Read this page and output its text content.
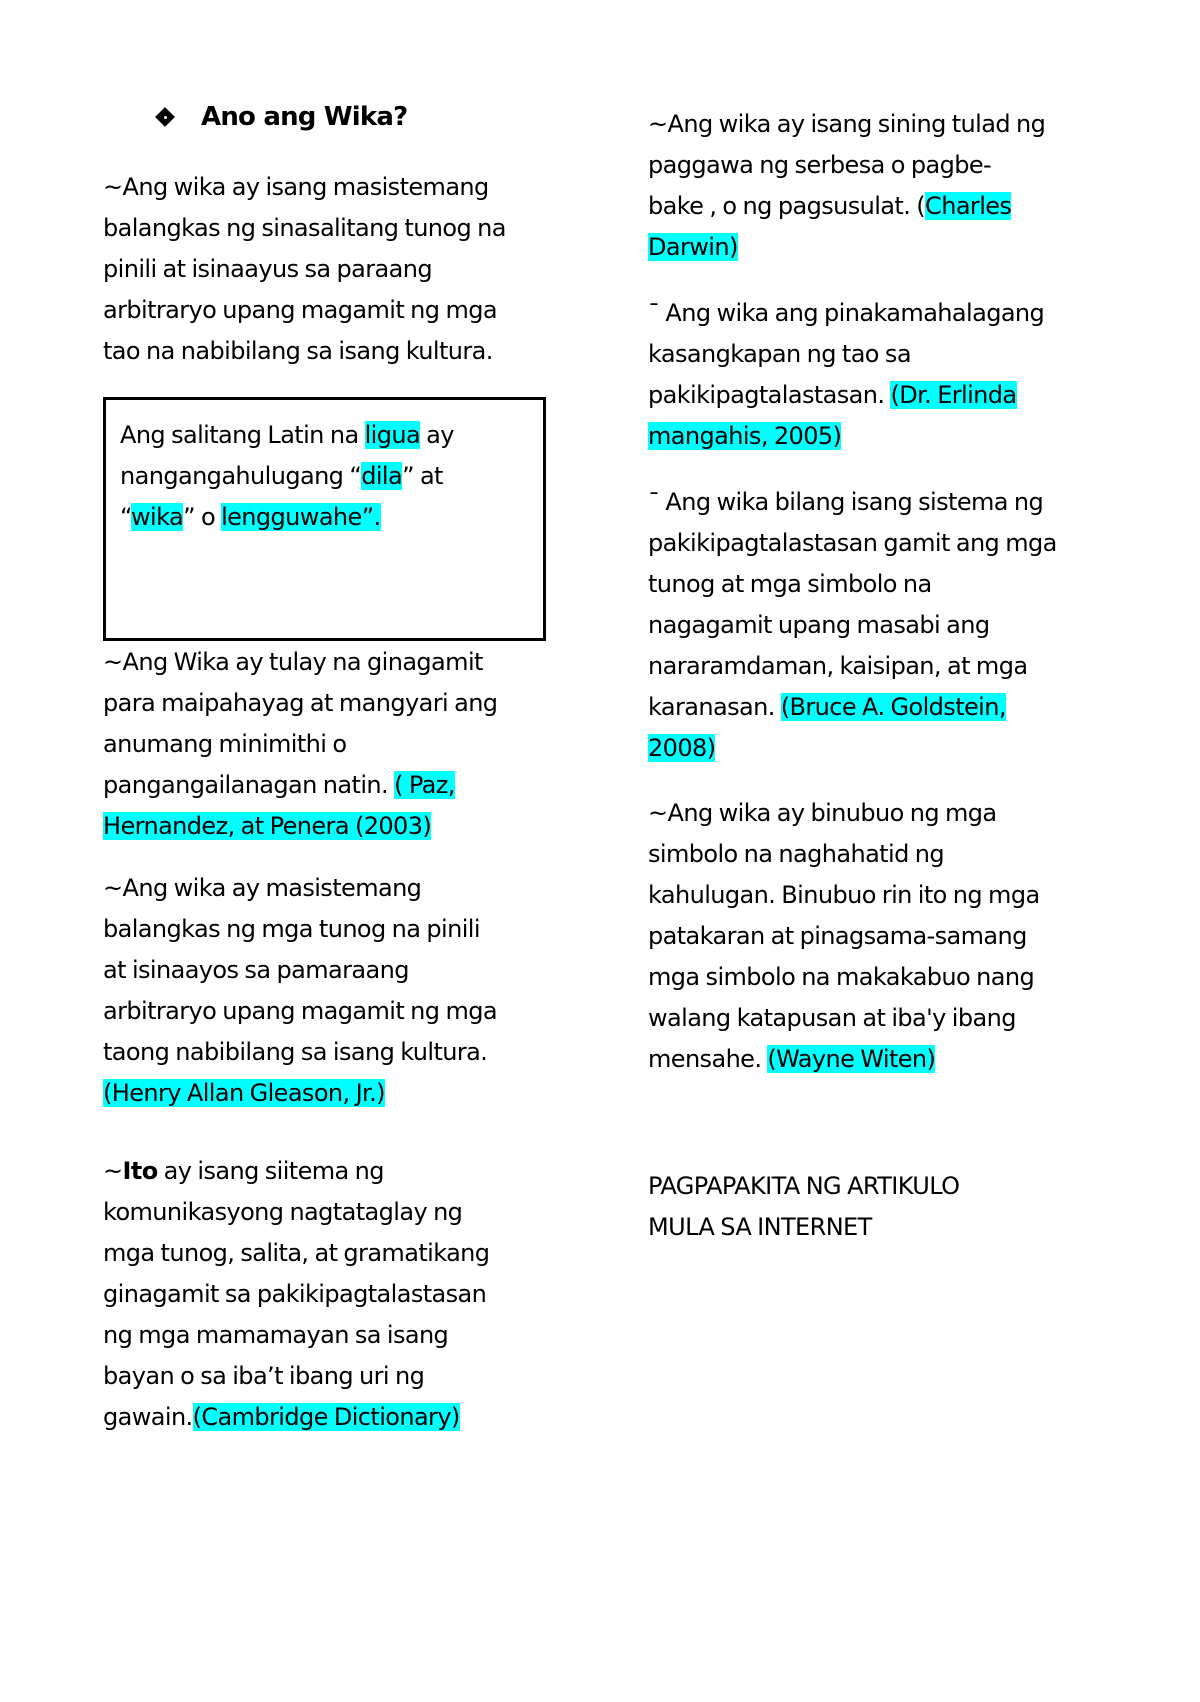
Ano ang Wika?
~Ang wika ay isang masistemang
balangkas ng sinasalitang tunog na
pinili at isinaayus sa paraang
arbitraryo upang magamit ng mga
tao na nabibilang sa isang kultura.
Ang salitang Latin na ligua ay
nangangahulugang “dila” at
“wika” o lengguwahe”.
~Ang Wika ay tulay na ginagamit
para maipahayag at mangyari ang
anumang minimithi o
pangangailanagan natin. ( Paz,
Hernandez, at Penera (2003)
~Ang wika ay masistemang
balangkas ng mga tunog na pinili
at isinaayos sa pamaraang
arbitraryo upang magamit ng mga
taong nabibilang sa isang kultura.
(Henry Allan Gleason, Jr.)
~Ito ay isang siitema ng
komunikasyong nagtataglay ng
mga tunog, salita, at gramatikang
ginagamit sa pakikipagtalastasan
ng mga mamamayan sa isang
bayan o sa iba’t ibang uri ng
gawain.(Cambridge Dictionary)
~Ang wika ay isang sining tulad ng
paggawa ng serbesa o pagbe-
bake , o ng pagsusulat. (Charles
Darwin)
¯ Ang wika ang pinakamahalagang
kasangkapan ng tao sa
pakikipagtalastasan. (Dr. Erlinda
mangahis, 2005)
¯ Ang wika bilang isang sistema ng
pakikipagtalastasan gamit ang mga
tunog at mga simbolo na
nagagamit upang masabi ang
nararamdaman, kaisipan, at mga
karanasan. (Bruce A. Goldstein,
2008)
~Ang wika ay binubuo ng mga
simbolo na naghahatid ng
kahulugan. Binubuo rin ito ng mga
patakaran at pinagsama-samang
mga simbolo na makakabuo nang
walang katapusan at iba'y ibang
mensahe. (Wayne Witen)
PAGPAPAKITA NG ARTIKULO
MULA SA INTERNET
